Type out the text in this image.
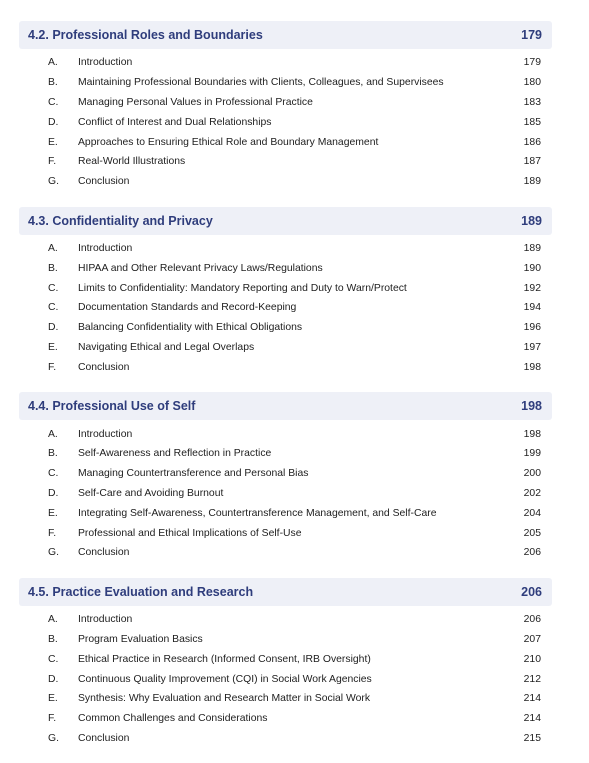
4.2. Professional Roles and Boundaries	179
A.	Introduction	179
B.	Maintaining Professional Boundaries with Clients, Colleagues, and Supervisees	180
C.	Managing Personal Values in Professional Practice	183
D.	Conflict of Interest and Dual Relationships	185
E.	Approaches to Ensuring Ethical Role and Boundary Management	186
F.	Real-World Illustrations	187
G.	Conclusion	189
4.3. Confidentiality and Privacy	189
A.	Introduction	189
B.	HIPAA and Other Relevant Privacy Laws/Regulations	190
C.	Limits to Confidentiality: Mandatory Reporting and Duty to Warn/Protect	192
C.	Documentation Standards and Record-Keeping	194
D.	Balancing Confidentiality with Ethical Obligations	196
E.	Navigating Ethical and Legal Overlaps	197
F.	Conclusion	198
4.4. Professional Use of Self	198
A.	Introduction	198
B.	Self-Awareness and Reflection in Practice	199
C.	Managing Countertransference and Personal Bias	200
D.	Self-Care and Avoiding Burnout	202
E.	Integrating Self-Awareness, Countertransference Management, and Self-Care	204
F.	Professional and Ethical Implications of Self-Use	205
G.	Conclusion	206
4.5. Practice Evaluation and Research	206
A.	Introduction	206
B.	Program Evaluation Basics	207
C.	Ethical Practice in Research (Informed Consent, IRB Oversight)	210
D.	Continuous Quality Improvement (CQI) in Social Work Agencies	212
E.	Synthesis: Why Evaluation and Research Matter in Social Work	214
F.	Common Challenges and Considerations	214
G.	Conclusion	215
